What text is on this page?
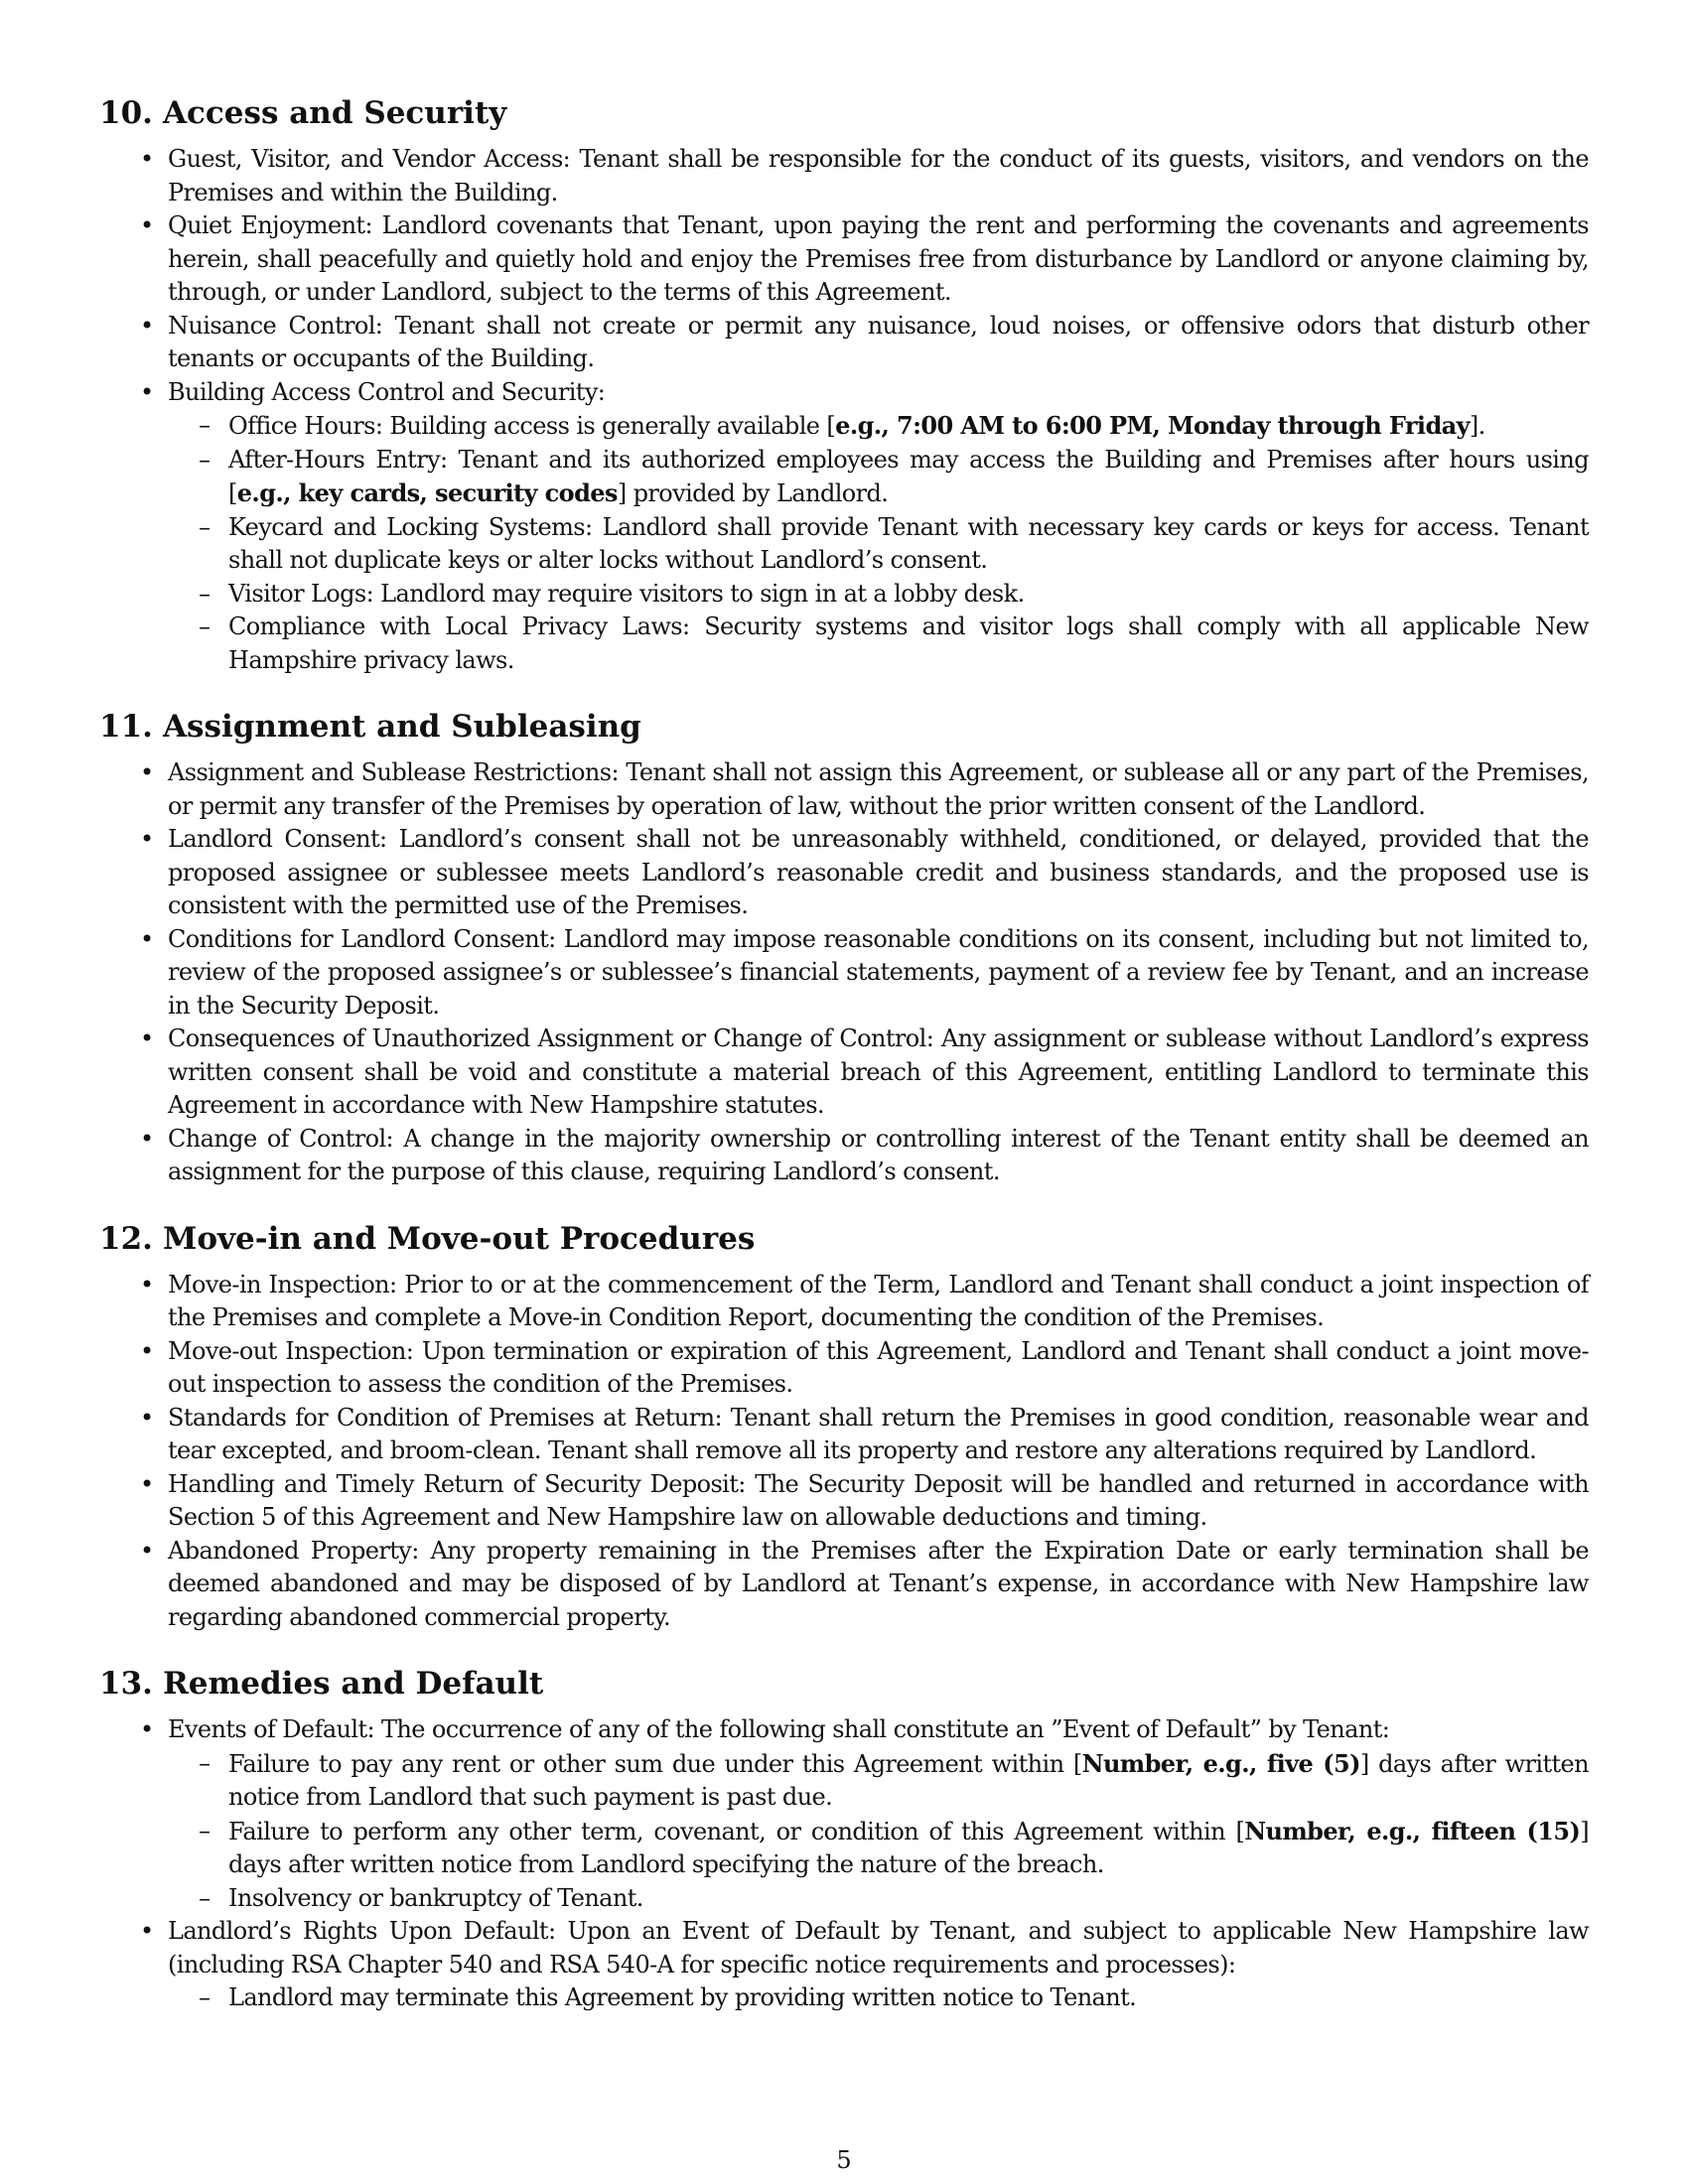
10. Access and Security
• Guest, Visitor, and Vendor Access: Tenant shall be responsible for the conduct of its guests, visitors, and vendors on the Premises and within the Building.
• Quiet Enjoyment: Landlord covenants that Tenant, upon paying the rent and performing the covenants and agreements herein, shall peacefully and quietly hold and enjoy the Premises free from disturbance by Landlord or anyone claiming by, through, or under Landlord, subject to the terms of this Agreement.
• Nuisance Control: Tenant shall not create or permit any nuisance, loud noises, or offensive odors that disturb other tenants or occupants of the Building.
• Building Access Control and Security:
– Office Hours: Building access is generally available [e.g., 7:00 AM to 6:00 PM, Monday through Friday].
– After-Hours Entry: Tenant and its authorized employees may access the Building and Premises after hours using [e.g., key cards, security codes] provided by Landlord.
– Keycard and Locking Systems: Landlord shall provide Tenant with necessary key cards or keys for access. Tenant shall not duplicate keys or alter locks without Landlord’s consent.
– Visitor Logs: Landlord may require visitors to sign in at a lobby desk.
– Compliance with Local Privacy Laws: Security systems and visitor logs shall comply with all applicable New Hampshire privacy laws.
11. Assignment and Subleasing
• Assignment and Sublease Restrictions: Tenant shall not assign this Agreement, or sublease all or any part of the Premises, or permit any transfer of the Premises by operation of law, without the prior written consent of the Landlord.
• Landlord Consent: Landlord’s consent shall not be unreasonably withheld, conditioned, or delayed, provided that the proposed assignee or sublessee meets Landlord’s reasonable credit and business standards, and the proposed use is consistent with the permitted use of the Premises.
• Conditions for Landlord Consent: Landlord may impose reasonable conditions on its consent, including but not limited to, review of the proposed assignee’s or sublessee’s financial statements, payment of a review fee by Tenant, and an increase in the Security Deposit.
• Consequences of Unauthorized Assignment or Change of Control: Any assignment or sublease without Landlord’s express written consent shall be void and constitute a material breach of this Agreement, entitling Landlord to terminate this Agreement in accordance with New Hampshire statutes.
• Change of Control: A change in the majority ownership or controlling interest of the Tenant entity shall be deemed an assignment for the purpose of this clause, requiring Landlord’s consent.
12. Move-in and Move-out Procedures
• Move-in Inspection: Prior to or at the commencement of the Term, Landlord and Tenant shall conduct a joint inspection of the Premises and complete a Move-in Condition Report, documenting the condition of the Premises.
• Move-out Inspection: Upon termination or expiration of this Agreement, Landlord and Tenant shall conduct a joint move-out inspection to assess the condition of the Premises.
• Standards for Condition of Premises at Return: Tenant shall return the Premises in good condition, reasonable wear and tear excepted, and broom-clean. Tenant shall remove all its property and restore any alterations required by Landlord.
• Handling and Timely Return of Security Deposit: The Security Deposit will be handled and returned in accordance with Section 5 of this Agreement and New Hampshire law on allowable deductions and timing.
• Abandoned Property: Any property remaining in the Premises after the Expiration Date or early termination shall be deemed abandoned and may be disposed of by Landlord at Tenant’s expense, in accordance with New Hampshire law regarding abandoned commercial property.
13. Remedies and Default
• Events of Default: The occurrence of any of the following shall constitute an ”Event of Default” by Tenant:
– Failure to pay any rent or other sum due under this Agreement within [Number, e.g., five (5)] days after written notice from Landlord that such payment is past due.
– Failure to perform any other term, covenant, or condition of this Agreement within [Number, e.g., fifteen (15)] days after written notice from Landlord specifying the nature of the breach.
– Insolvency or bankruptcy of Tenant.
• Landlord’s Rights Upon Default: Upon an Event of Default by Tenant, and subject to applicable New Hampshire law (including RSA Chapter 540 and RSA 540-A for specific notice requirements and processes):
– Landlord may terminate this Agreement by providing written notice to Tenant.
5
